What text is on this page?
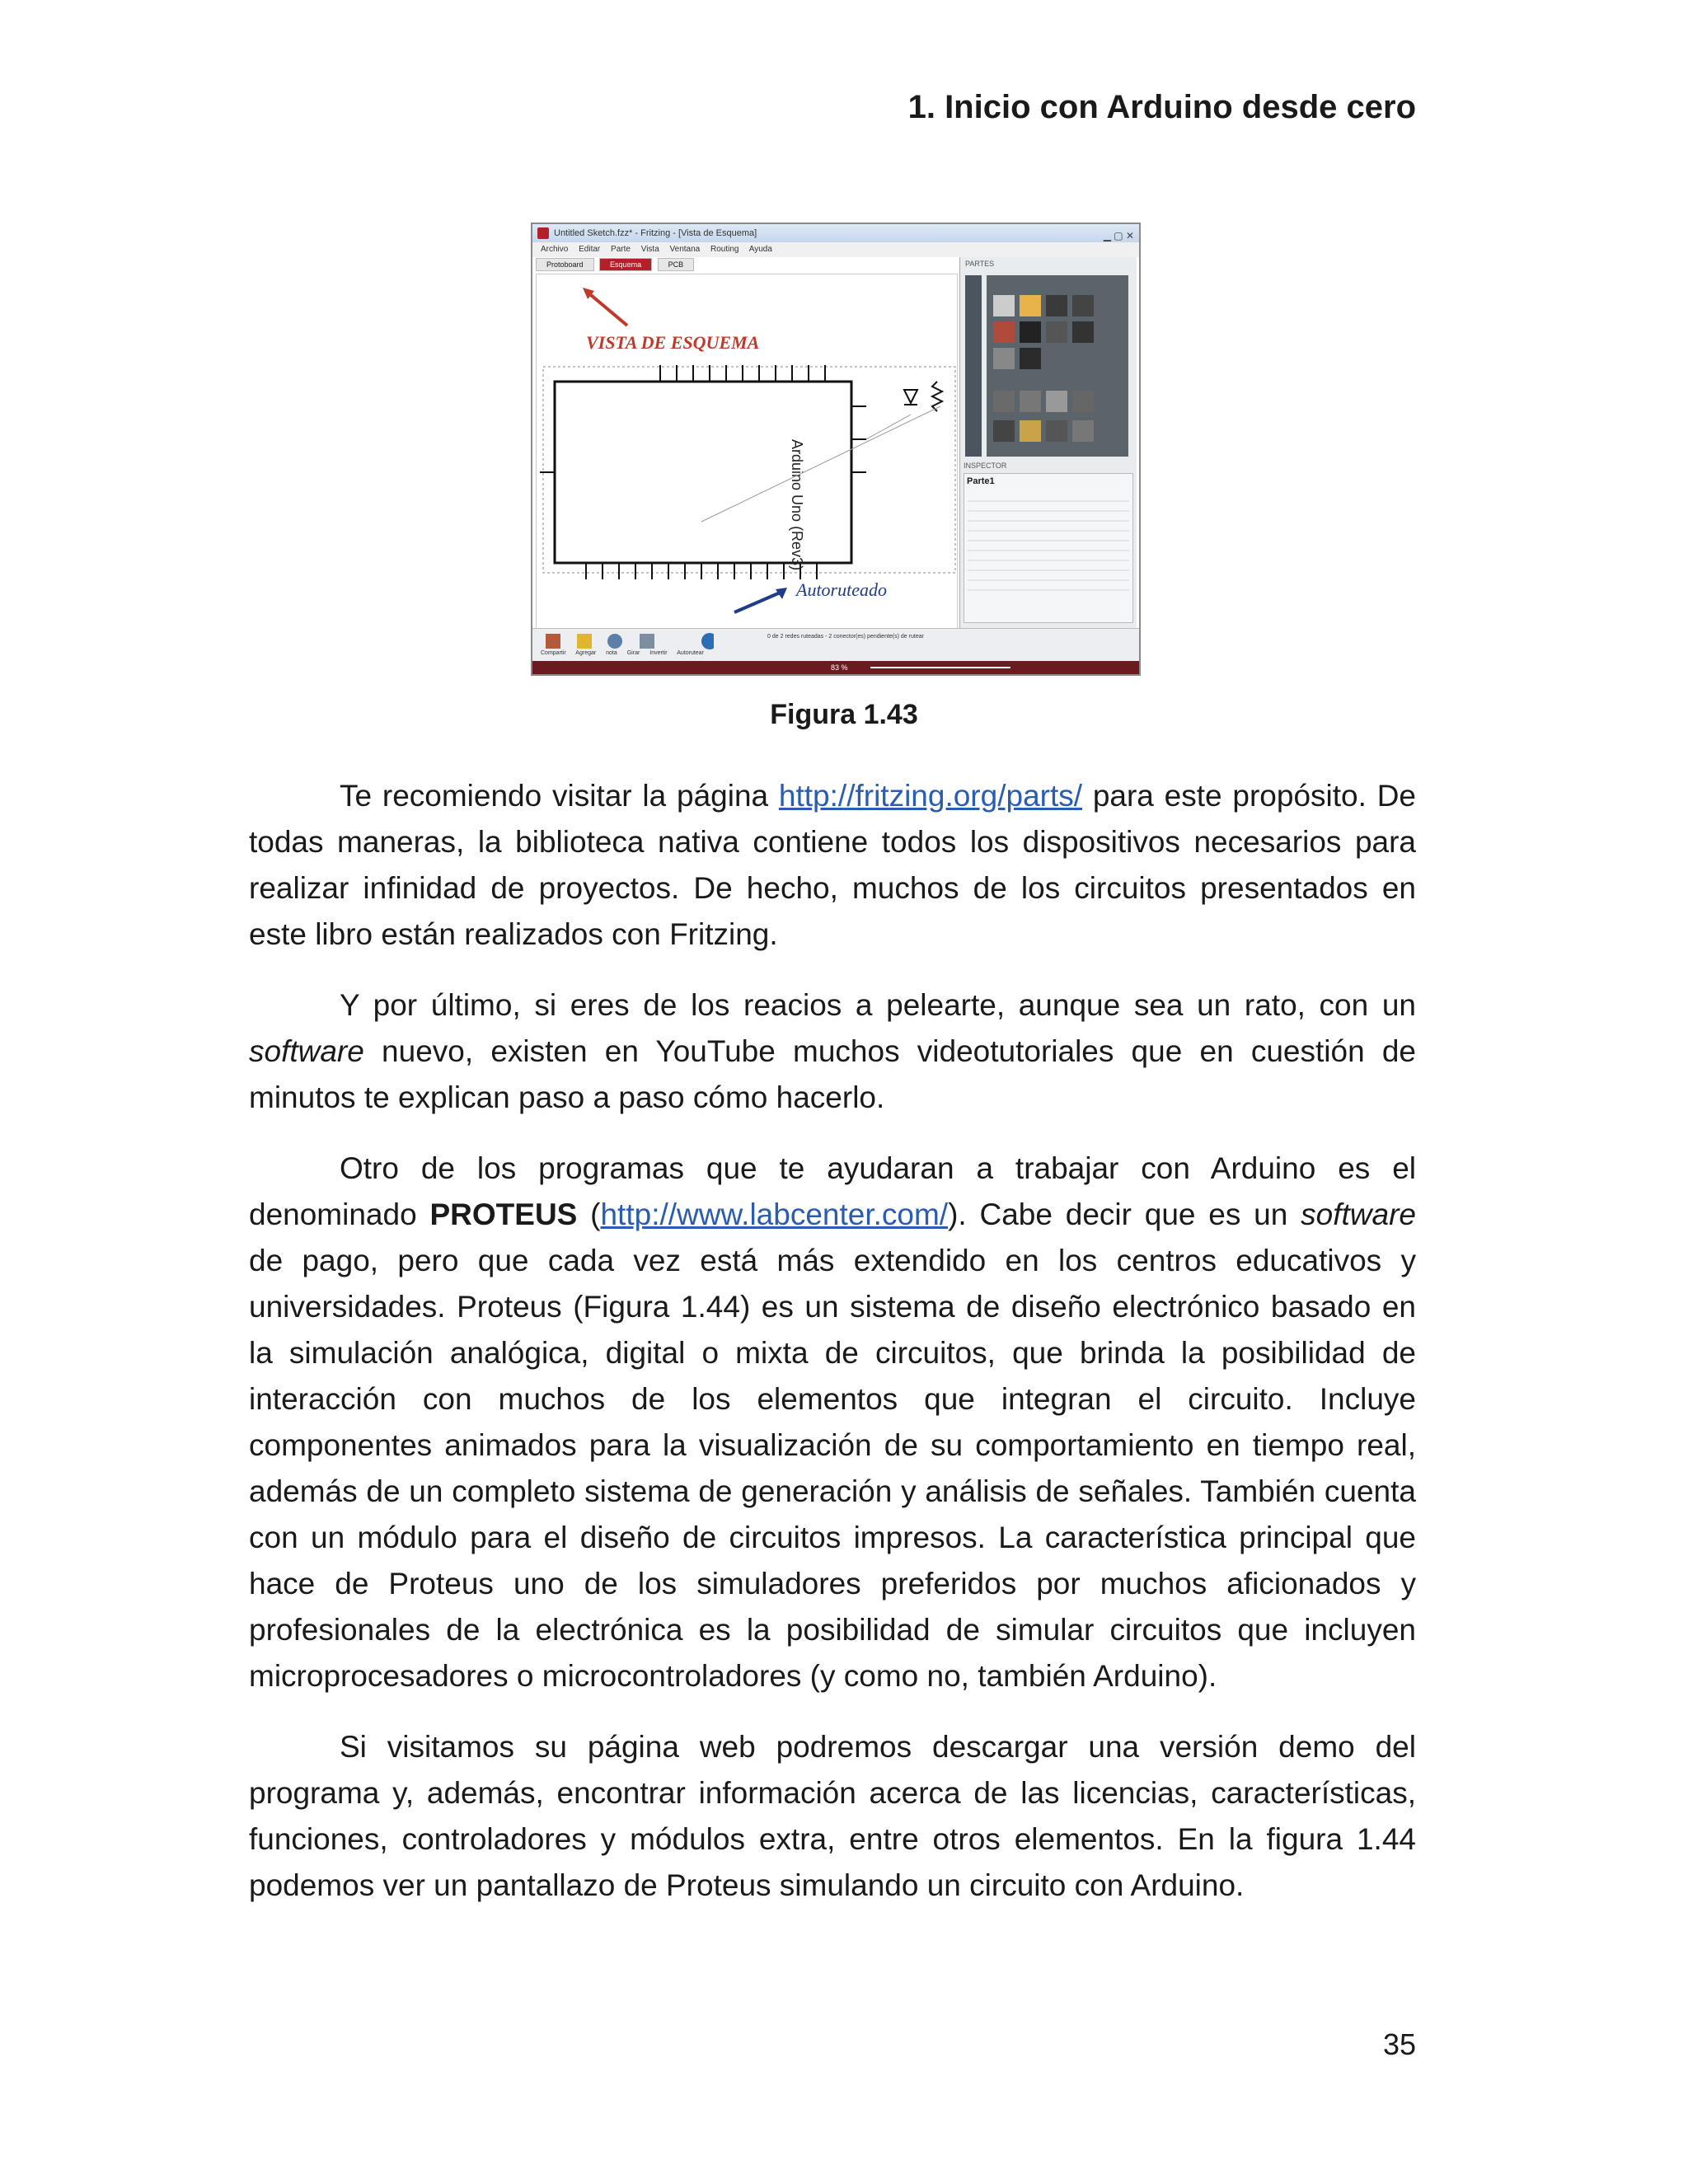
1. Inicio con Arduino desde cero
Untitled Sketch.fzz* - Fritzing - [Vista de Esquema]	▁ ▢ ✕
Archivo Editar Parte Vista Ventana Routing Ayuda
Protoboard	Esquema	PCB
VISTA DE ESQUEMA
Arduino Uno (Rev3)
Autoruteado
PARTES
INSPECTOR
Parte1
Compartir Agregar nota Girar Invertir Autorutear
0 de 2 redes ruteadas - 2 conector(es) pendiente(s) de rutear
83 %
Figura 1.43

Te recomiendo visitar la página http://fritzing.org/parts/ para este propósito. De todas maneras, la biblioteca nativa contiene todos los dispositivos necesarios para realizar infinidad de proyectos. De hecho, muchos de los circuitos presentados en este libro están realizados con Fritzing.

Y por último, si eres de los reacios a pelearte, aunque sea un rato, con un software nuevo, existen en YouTube muchos videotutoriales que en cuestión de minutos te explican paso a paso cómo hacerlo.

Otro de los programas que te ayudaran a trabajar con Arduino es el denominado PROTEUS (http://www.labcenter.com/). Cabe decir que es un software de pago, pero que cada vez está más extendido en los centros educativos y universidades. Proteus (Figura 1.44) es un sistema de diseño electrónico basado en la simulación analógica, digital o mixta de circuitos, que brinda la posibilidad de interacción con muchos de los elementos que integran el circuito. Incluye componentes animados para la visualización de su comportamiento en tiempo real, además de un completo sistema de generación y análisis de señales. También cuenta con un módulo para el diseño de circuitos impresos. La característica principal que hace de Proteus uno de los simuladores preferidos por muchos aficionados y profesionales de la electrónica es la posibilidad de simular circuitos que incluyen microprocesadores o microcontroladores (y como no, también Arduino).

Si visitamos su página web podremos descargar una versión demo del programa y, además, encontrar información acerca de las licencias, características, funciones, controladores y módulos extra, entre otros elementos. En la figura 1.44 podemos ver un pantallazo de Proteus simulando un circuito con Arduino.

35
